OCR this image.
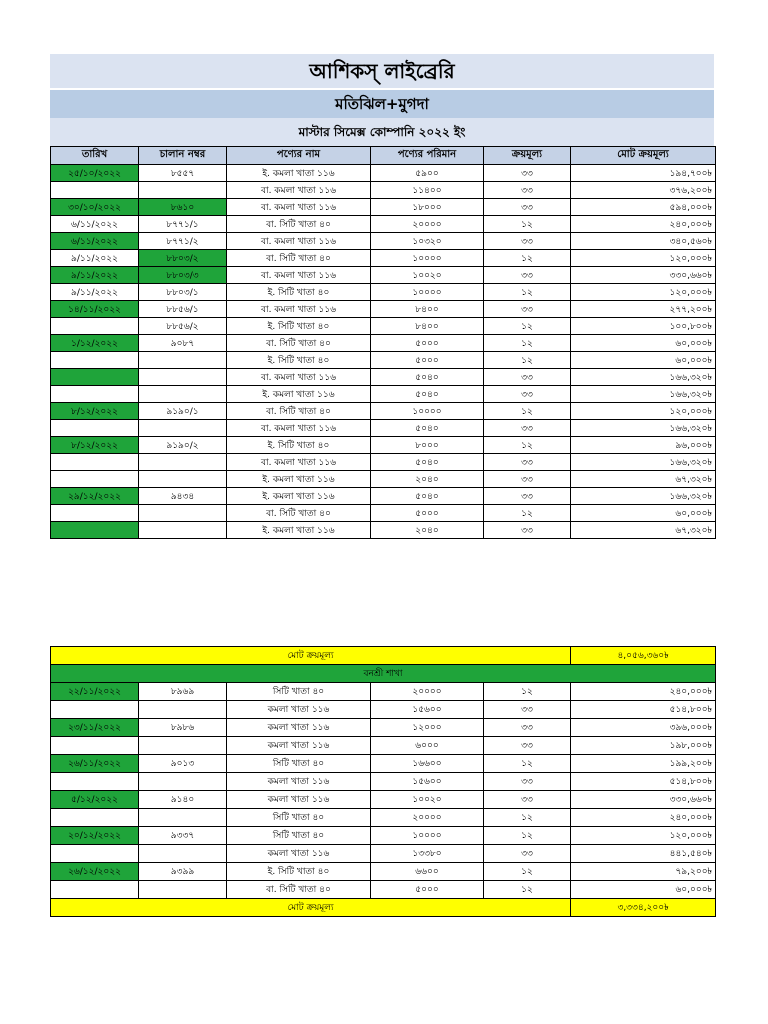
আশিকস্ লাইব্রেরি
মতিঝিল+মুগদা
মাস্টার সিমেক্স কোম্পানি ২০২২ ইং
তারিখ	চালান নম্বর	পণ্যের নাম	পণ্যের পরিমান	ক্রয়মূল্য	মোট ক্রয়মূল্য
২৫/১০/২০২২	৮৫৫৭	ই. কমলা খাতা ১১৬	৫৯০০	৩৩	১৯৪,৭০০৳
		বা. কমলা খাতা ১১৬	১১৪০০	৩৩	৩৭৬,২০০৳
৩০/১০/২০২২	৮৬১০	বা. কমলা খাতা ১১৬	১৮০০০	৩৩	৫৯৪,০০০৳
৬/১১/২০২২	৮৭৭১/১	বা. সিটি খাতা ৪০	২০০০০	১২	২৪০,০০০৳
৬/১১/২০২২	৮৭৭১/২	বা. কমলা খাতা ১১৬	১০৩২০	৩৩	৩৪০,৫৬০৳
৯/১১/২০২২	৮৮০৩/২	বা. সিটি খাতা ৪০	১০০০০	১২	১২০,০০০৳
৯/১১/২০২২	৮৮০৩/৩	বা. কমলা খাতা ১১৬	১০০২০	৩৩	৩৩০,৬৬০৳
৯/১১/২০২২	৮৮০৩/১	ই. সিটি খাতা ৪০	১০০০০	১২	১২০,০০০৳
১৪/১১/২০২২	৮৮৫৬/১	বা. কমলা খাতা ১১৬	৮৪০০	৩৩	২৭৭,২০০৳
	৮৮৫৬/২	ই. সিটি খাতা ৪০	৮৪০০	১২	১০০,৮০০৳
১/১২/২০২২	৯০৮৭	বা. সিটি খাতা ৪০	৫০০০	১২	৬০,০০০৳
		ই. সিটি খাতা ৪০	৫০০০	১২	৬০,০০০৳
		বা. কমলা খাতা ১১৬	৫০৪০	৩৩	১৬৬,৩২০৳
		ই. কমলা খাতা ১১৬	৫০৪০	৩৩	১৬৬,৩২০৳
৮/১২/২০২২	৯১৯০/১	বা. সিটি খাতা ৪০	১০০০০	১২	১২০,০০০৳
		বা. কমলা খাতা ১১৬	৫০৪০	৩৩	১৬৬,৩২০৳
৮/১২/২০২২	৯১৯০/২	ই. সিটি খাতা ৪০	৮০০০	১২	৯৬,০০০৳
		বা. কমলা খাতা ১১৬	৫০৪০	৩৩	১৬৬,৩২০৳
		ই. কমলা খাতা ১১৬	২০৪০	৩৩	৬৭,৩২০৳
২৯/১২/২০২২	৯৪৩৪	ই. কমলা খাতা ১১৬	৫০৪০	৩৩	১৬৬,৩২০৳
		বা. সিটি খাতা ৪০	৫০০০	১২	৬০,০০০৳
		ই. কমলা খাতা ১১৬	২০৪০	৩৩	৬৭,৩২০৳
মোট ক্রয়মূল্য					৪,০৫৬,৩৬০৳
বনশ্রী শাখা					
২২/১১/২০২২	৮৯৬৯	সিটি খাতা ৪০	২০০০০	১২	২৪০,০০০৳
		কমলা খাতা ১১৬	১৫৬০০	৩৩	৫১৪,৮০০৳
২৩/১১/২০২২	৮৯৮৬	কমলা খাতা ১১৬	১২০০০	৩৩	৩৯৬,০০০৳
		কমলা খাতা ১১৬	৬০০০	৩৩	১৯৮,০০০৳
২৬/১১/২০২২	৯০১৩	সিটি খাতা ৪০	১৬৬০০	১২	১৯৯,২০০৳
		কমলা খাতা ১১৬	১৫৬০০	৩৩	৫১৪,৮০০৳
৫/১২/২০২২	৯১৪০	কমলা খাতা ১১৬	১০০২০	৩৩	৩৩০,৬৬০৳
		সিটি খাতা ৪০	২০০০০	১২	২৪০,০০০৳
২০/১২/২০২২	৯৩৩৭	সিটি খাতা ৪০	১০০০০	১২	১২০,০০০৳
		কমলা খাতা ১১৬	১৩৩৮০	৩৩	৪৪১,৫৪০৳
২৬/১২/২০২২	৯৩৯৯	ই. সিটি খাতা ৪০	৬৬০০	১২	৭৯,২০০৳
		বা. সিটি খাতা ৪০	৫০০০	১২	৬০,০০০৳
মোট ক্রয়মূল্য					৩,৩৩৪,২০০৳
